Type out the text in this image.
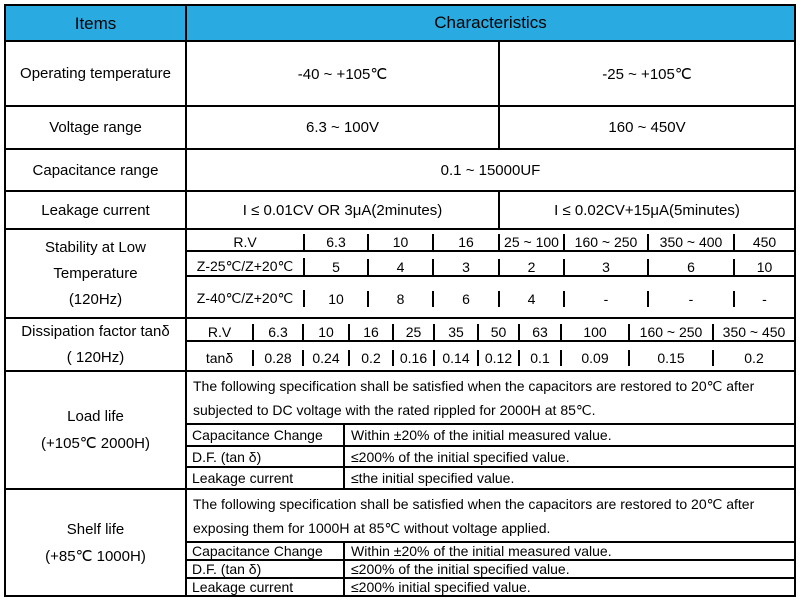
Items	Characteristics
Operating temperature	-40 ~ +105℃	-25 ~ +105℃
Voltage range	6.3 ~ 100V	160 ~ 450V
Capacitance range	0.1 ~ 15000UF
Leakage current	I ≤ 0.01CV OR 3μA(2minutes)	I ≤ 0.02CV+15μA(5minutes)
Stability at Low
Temperature
(120Hz)
R.V	6.3	10	16	25 ~ 100	160 ~ 250	350 ~ 400	450
Z-25℃/Z+20℃	5	4	3	2	3	6	10
Z-40℃/Z+20℃	10	8	6	4	-	-	-
Dissipation factor tanδ
( 120Hz)
R.V	6.3	10	16	25	35	50	63	100	160 ~ 250	350 ~ 450
tanδ	0.28	0.24	0.2	0.16	0.14	0.12	0.1	0.09	0.15	0.2
Load life
(+105℃ 2000H)
The following specification shall be satisfied when the capacitors are restored to 20℃ after
subjected to DC voltage with the rated rippled for 2000H at 85℃.
Capacitance Change	Within ±20% of the initial measured value.
D.F. (tan δ)	≤200% of the initial specified value.
Leakage current	≤the initial specified value.
Shelf life
(+85℃ 1000H)
The following specification shall be satisfied when the capacitors are restored to 20℃ after
exposing them for 1000H at 85℃ without voltage applied.
Capacitance Change	Within ±20% of the initial measured value.
D.F. (tan δ)	≤200% of the initial specified value.
Leakage current	≤200% initial specified value.
